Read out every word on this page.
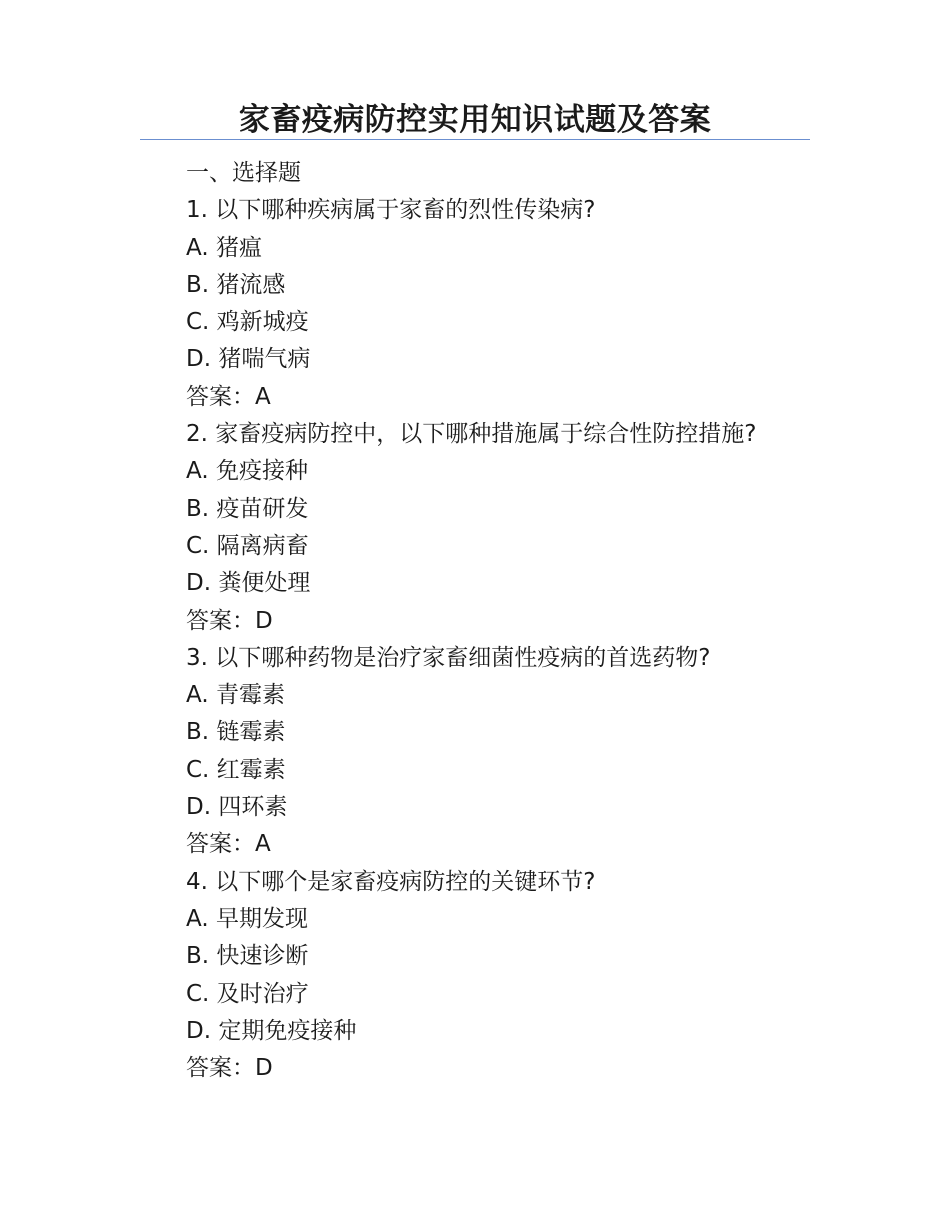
家畜疫病防控实用知识试题及答案
一、选择题
1. 以下哪种疾病属于家畜的烈性传染病?
A. 猪瘟
B. 猪流感
C. 鸡新城疫
D. 猪喘气病
答案：A
2. 家畜疫病防控中，以下哪种措施属于综合性防控措施?
A. 免疫接种
B. 疫苗研发
C. 隔离病畜
D. 粪便处理
答案：D
3. 以下哪种药物是治疗家畜细菌性疫病的首选药物?
A. 青霉素
B. 链霉素
C. 红霉素
D. 四环素
答案：A
4. 以下哪个是家畜疫病防控的关键环节?
A. 早期发现
B. 快速诊断
C. 及时治疗
D. 定期免疫接种
答案：D
